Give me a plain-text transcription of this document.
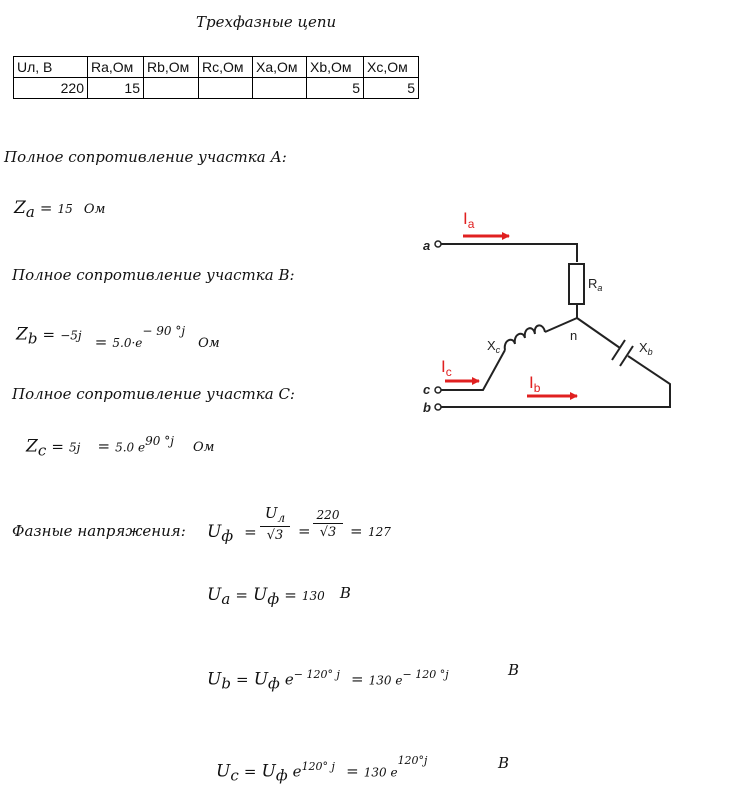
Трехфазные цепи
Uл, В	Ra,Ом	Rb,Ом	Rc,Ом	Xa,Ом	Xb,Ом	Xc,Ом
220	15				5	5
Полное сопротивление участка А:
$Z_a = 15$ Ом
Полное сопротивление участка В:
$Z_b = -5j = _{5.0\cdot e}^{- 90 ^\circ j}$ $_{Ом}$
Полное сопротивление участка С:
$Z_c = 5j = 5.0$ $e^{90 ^\circ j}$ Ом
Фазные напряжения: $U_ф$ =
$U_л$
√3 =
220
√3 = 127
$U_a = U_ф = 130$ В
$U_b = U_ф$ $e^{- 120^\circ j} = 130$ $e^{- 120 ^\circ j}$	В
$U_c = U_ф$ $e^{120^\circ j} = 130$ $e^{120^\circ j}$	В
$I_a$
$I_c$
$I_b$
a
c
b
n
$R_a$
$X_b$
$X_c$
